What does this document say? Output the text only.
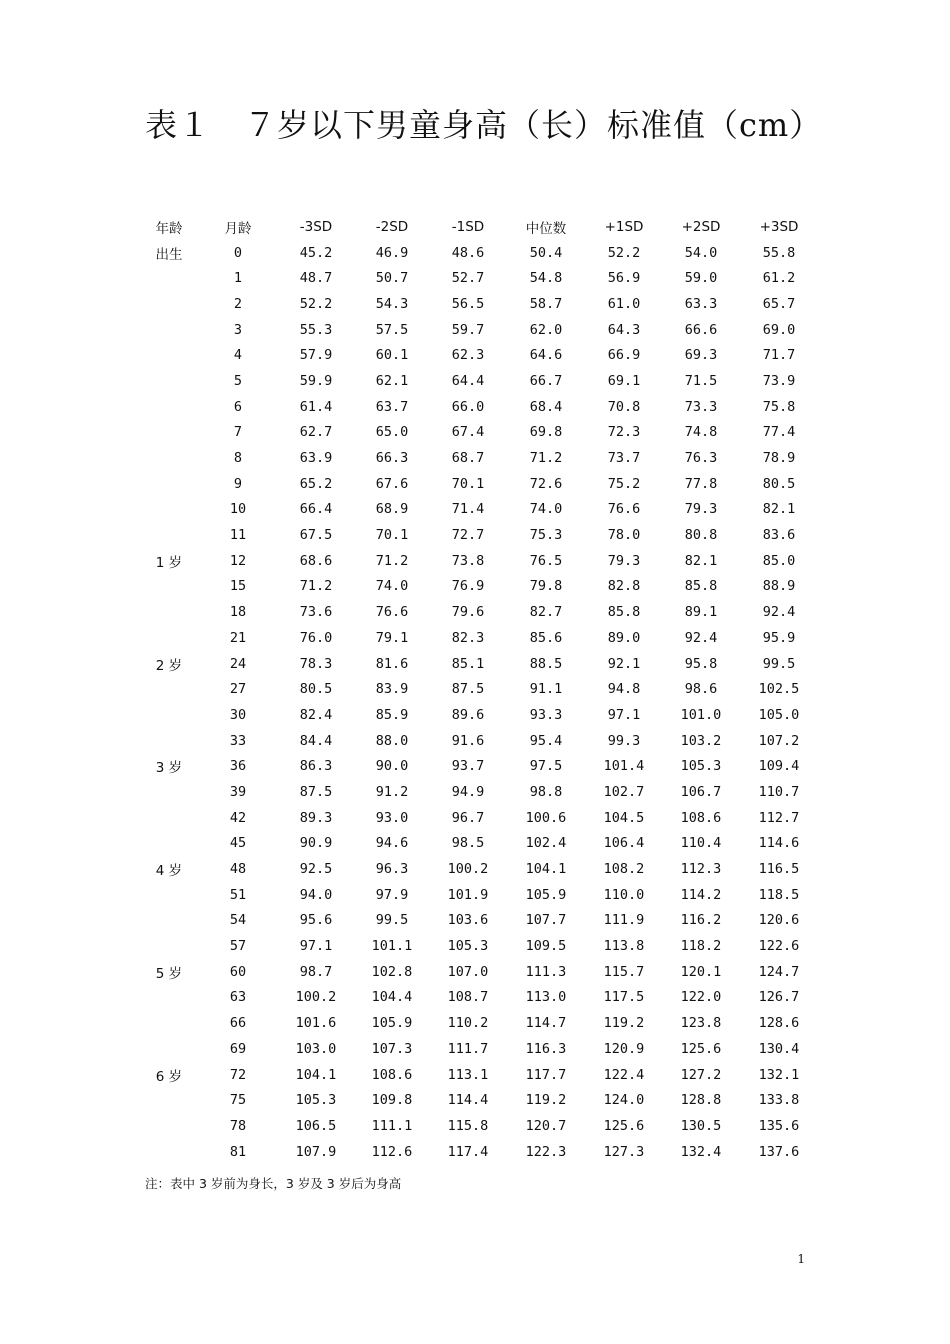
表１　７岁以下男童身高（长）标准值（cm）
年龄	月龄	-3SD	-2SD	-1SD	中位数	+1SD	+2SD	+3SD
出生	0	45.2	46.9	48.6	50.4	52.2	54.0	55.8
	1	48.7	50.7	52.7	54.8	56.9	59.0	61.2
	2	52.2	54.3	56.5	58.7	61.0	63.3	65.7
	3	55.3	57.5	59.7	62.0	64.3	66.6	69.0
	4	57.9	60.1	62.3	64.6	66.9	69.3	71.7
	5	59.9	62.1	64.4	66.7	69.1	71.5	73.9
	6	61.4	63.7	66.0	68.4	70.8	73.3	75.8
	7	62.7	65.0	67.4	69.8	72.3	74.8	77.4
	8	63.9	66.3	68.7	71.2	73.7	76.3	78.9
	9	65.2	67.6	70.1	72.6	75.2	77.8	80.5
	10	66.4	68.9	71.4	74.0	76.6	79.3	82.1
	11	67.5	70.1	72.7	75.3	78.0	80.8	83.6
1 岁	12	68.6	71.2	73.8	76.5	79.3	82.1	85.0
	15	71.2	74.0	76.9	79.8	82.8	85.8	88.9
	18	73.6	76.6	79.6	82.7	85.8	89.1	92.4
	21	76.0	79.1	82.3	85.6	89.0	92.4	95.9
2 岁	24	78.3	81.6	85.1	88.5	92.1	95.8	99.5
	27	80.5	83.9	87.5	91.1	94.8	98.6	102.5
	30	82.4	85.9	89.6	93.3	97.1	101.0	105.0
	33	84.4	88.0	91.6	95.4	99.3	103.2	107.2
3 岁	36	86.3	90.0	93.7	97.5	101.4	105.3	109.4
	39	87.5	91.2	94.9	98.8	102.7	106.7	110.7
	42	89.3	93.0	96.7	100.6	104.5	108.6	112.7
	45	90.9	94.6	98.5	102.4	106.4	110.4	114.6
4 岁	48	92.5	96.3	100.2	104.1	108.2	112.3	116.5
	51	94.0	97.9	101.9	105.9	110.0	114.2	118.5
	54	95.6	99.5	103.6	107.7	111.9	116.2	120.6
	57	97.1	101.1	105.3	109.5	113.8	118.2	122.6
5 岁	60	98.7	102.8	107.0	111.3	115.7	120.1	124.7
	63	100.2	104.4	108.7	113.0	117.5	122.0	126.7
	66	101.6	105.9	110.2	114.7	119.2	123.8	128.6
	69	103.0	107.3	111.7	116.3	120.9	125.6	130.4
6 岁	72	104.1	108.6	113.1	117.7	122.4	127.2	132.1
	75	105.3	109.8	114.4	119.2	124.0	128.8	133.8
	78	106.5	111.1	115.8	120.7	125.6	130.5	135.6
	81	107.9	112.6	117.4	122.3	127.3	132.4	137.6
注：表中 3 岁前为身长，3 岁及 3 岁后为身高
1
